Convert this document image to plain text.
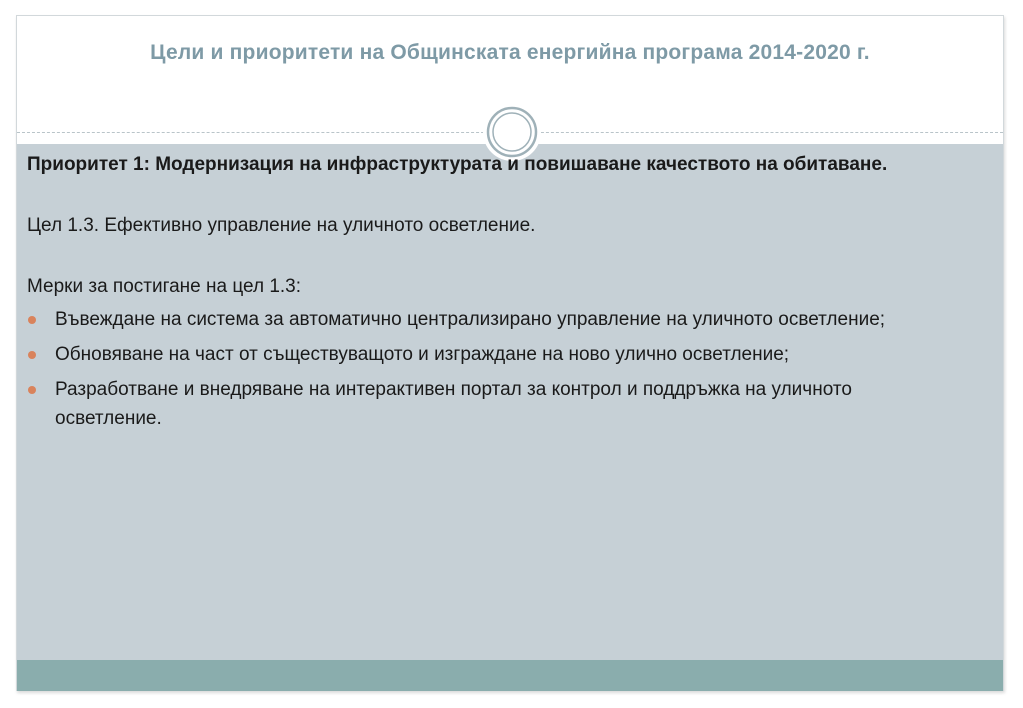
Цели и приоритети на Общинската енергийна програма 2014-2020 г.

Приоритет 1: Модернизация на инфраструктурата и повишаване качеството на обитаване.

Цел 1.3. Ефективно управление на уличното осветление.

Мерки за постигане на цел 1.3:

Въвеждане на система за автоматично централизирано управление на уличното осветление;
Обновяване на част от съществуващото и изграждане на ново улично осветление;
Разработване и внедряване на интерактивен портал за контрол и поддръжка на уличното осветление.
